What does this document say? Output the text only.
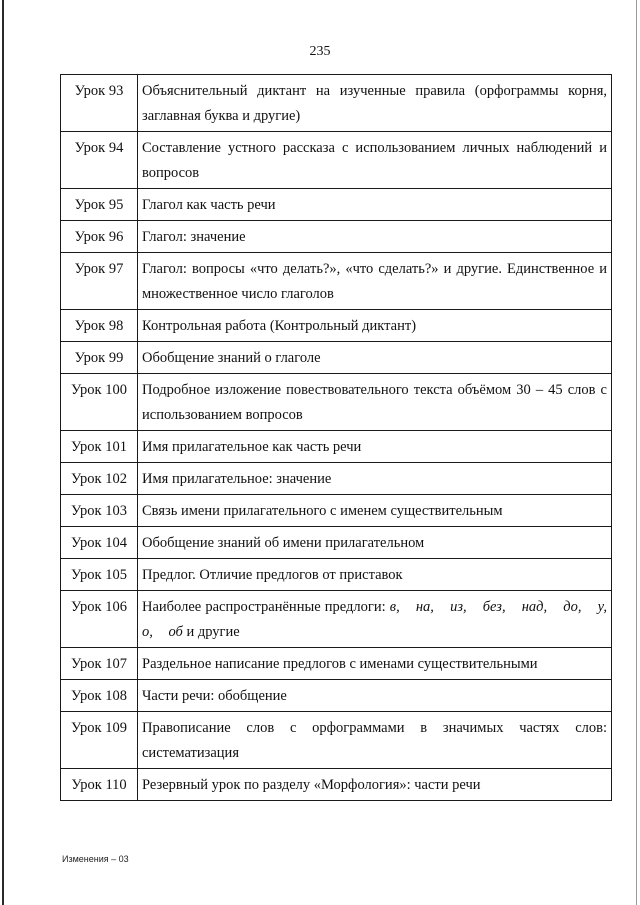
235
Урок 93	Объяснительный диктант на изученные правила (орфограммы корня, заглавная буква и другие)
Урок 94	Составление устного рассказа с использованием личных наблюдений и вопросов
Урок 95	Глагол как часть речи
Урок 96	Глагол: значение
Урок 97	Глагол: вопросы «что делать?», «что сделать?» и другие. Единственное и множественное число глаголов
Урок 98	Контрольная работа (Контрольный диктант)
Урок 99	Обобщение знаний о глаголе
Урок 100	Подробное изложение повествовательного текста объёмом 30 – 45 слов с использованием вопросов
Урок 101	Имя прилагательное как часть речи
Урок 102	Имя прилагательное: значение
Урок 103	Связь имени прилагательного с именем существительным
Урок 104	Обобщение знаний об имени прилагательном
Урок 105	Предлог. Отличие предлогов от приставок
Урок 106	Наиболее распространённые предлоги: в, на, из, без, над, до, у, о, об и другие
Урок 107	Раздельное написание предлогов с именами существительными
Урок 108	Части речи: обобщение
Урок 109	Правописание слов с орфограммами в значимых частях слов: систематизация
Урок 110	Резервный урок по разделу «Морфология»: части речи
Изменения – 03
